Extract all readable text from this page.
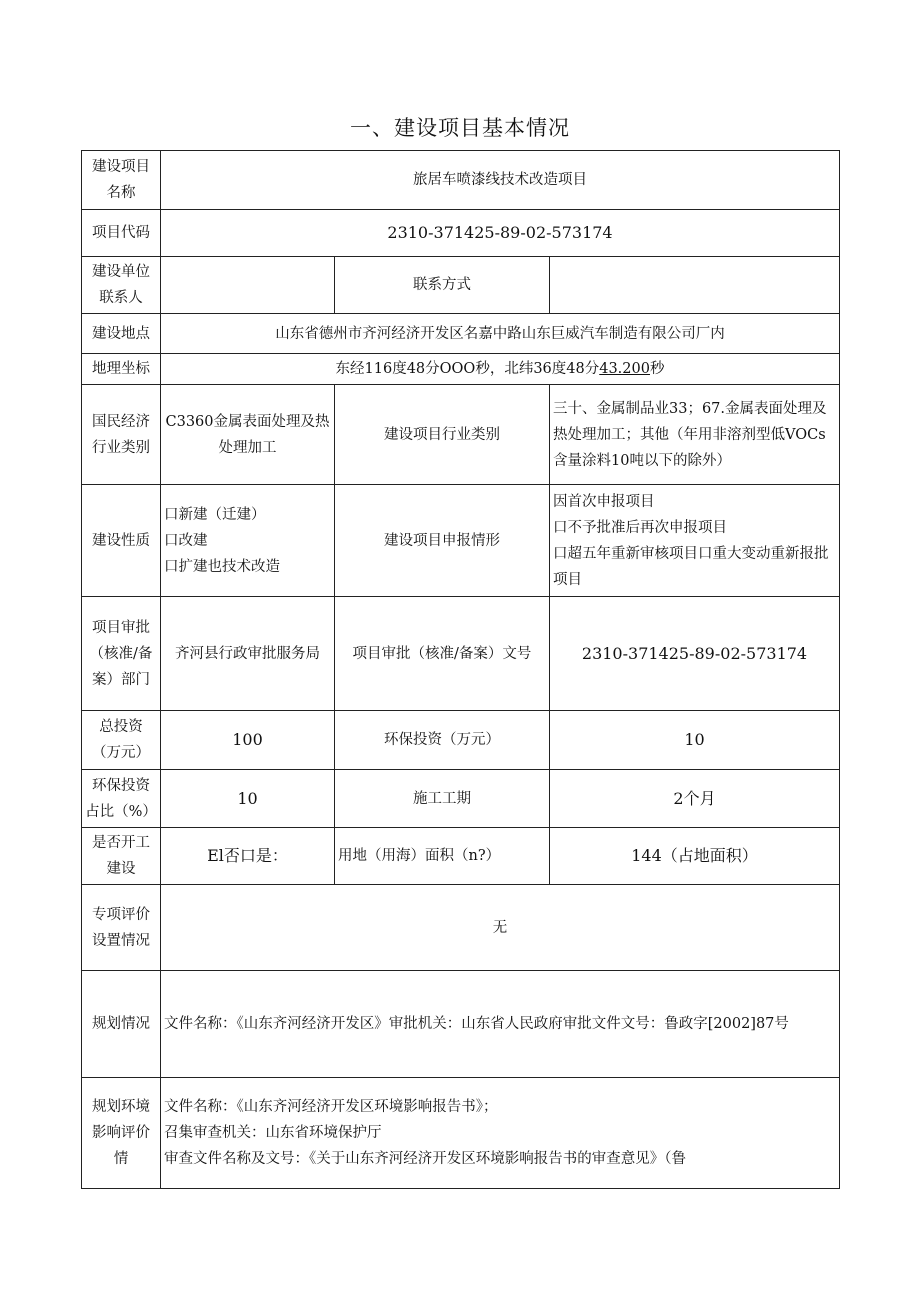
一、建设项目基本情况
建设项目名称	旅居车喷漆线技术改造项目		
项目代码	2310-371425-89-02-573174		
建设单位联系人		联系方式	
建设地点	山东省德州市齐河经济开发区名嘉中路山东巨威汽车制造有限公司厂内		
地理坐标	东经116度48分OOO秒，北纬36度48分43.200秒		
国民经济行业类别	C3360金属表面处理及热处理加工	建设项目行业类别	三十、金属制品业33；67.金属表面处理及热处理加工；其他（年用非溶剂型低VOCs含量涂料10吨以下的除外）
建设性质	口新建（迁建）
口改建
口扩建也技术改造	建设项目申报情形	因首次申报项目
口不予批准后再次申报项目
口超五年重新审核项目口重大变动重新报批项目

项目审批（核准/备案）部门	齐河县行政审批服务局	项目审批（核准/备案）文号	2310-371425-89-02-573174
总投资（万元）	100	环保投资（万元）	10
环保投资占比（%）	10	施工工期	2个月
是否开工建设	El否口是：	用地（用海）面积（n?）	144（占地面积）
专项评价设置情况	无		
规划情况	文件名称：《山东齐河经济开发区》审批机关：山东省人民政府审批文件文号：鲁政字[2002]87号		
规划环境影响评价情	文件名称：《山东齐河经济开发区环境影响报告书》；
召集审查机关：山东省环境保护厅
审查文件名称及文号：《关于山东齐河经济开发区环境影响报告书的审查意见》（鲁		
